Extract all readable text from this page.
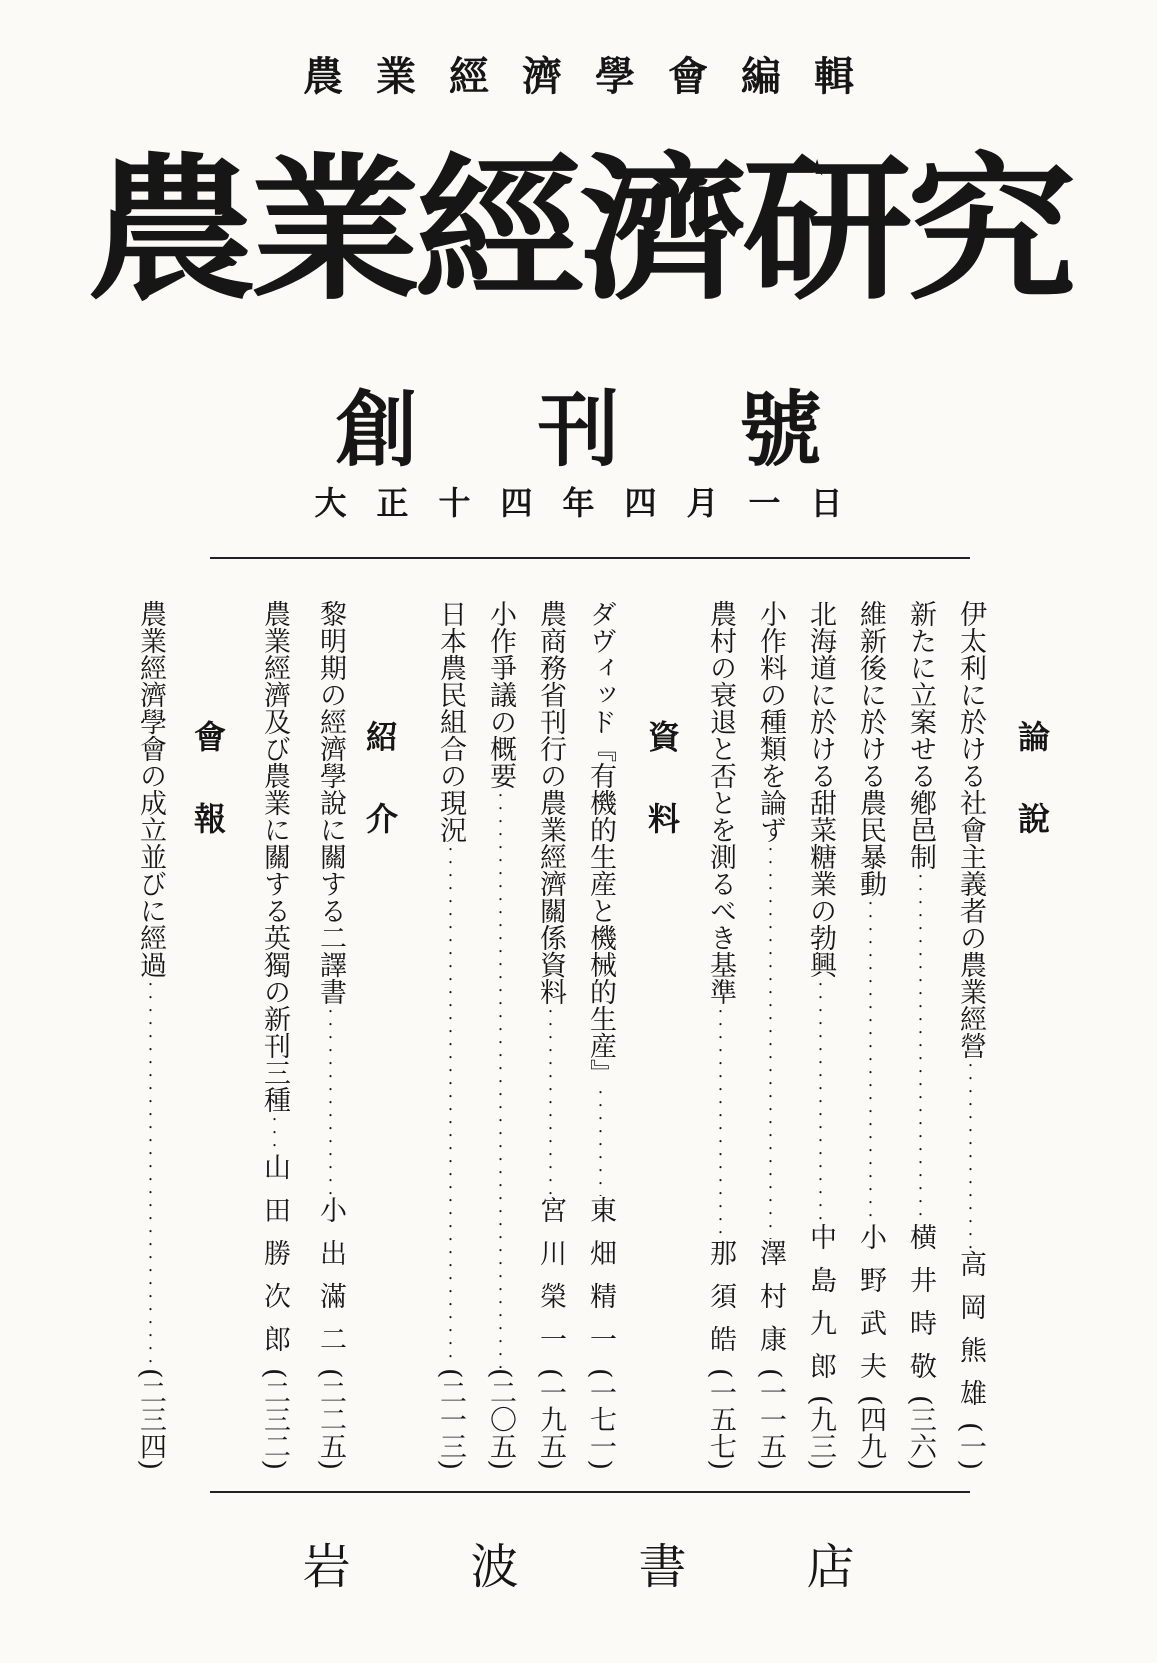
農業經濟學會編輯
農業經濟研究
創刊號
大正十四年四月一日
論說
資料
紹介
會報	伊太利に於ける社會主義者の農業經營
・・・・・・・・・・・・・・・・・・・・・・・・・・・・・・・・・・・・・・・・・・・・・・・・・・・・
高岡熊雄
(一)
新たに立案せる鄕邑制
・・・・・・・・・・・・・・・・・・・・・・・・・・・・・・・・・・・・・・・・・・・・・・・・・・・・
横井時敬
(三六)
維新後に於ける農民暴動
・・・・・・・・・・・・・・・・・・・・・・・・・・・・・・・・・・・・・・・・・・・・・・・・・・・・
小野武夫
(四九)
北海道に於ける甜菜糖業の勃興
・・・・・・・・・・・・・・・・・・・・・・・・・・・・・・・・・・・・・・・・・・・・・・・・・・・・
中島九郎
(九三)
小作料の種類を論ず
・・・・・・・・・・・・・・・・・・・・・・・・・・・・・・・・・・・・・・・・・・・・・・・・・・・・
澤村康
(一一五)
農村の衰退と否とを測るべき基準
・・・・・・・・・・・・・・・・・・・・・・・・・・・・・・・・・・・・・・・・・・・・・・・・・・・・
那須皓
(一五七)
ダヴィッド『有機的生産と機械的生産』
・・・・・・・・・・・・・・・・・・・・・・・・・・・・・・・・・・・・・・・・・・・・・・・・・・・・
東畑精一
(一七一)
農商務省刊行の農業經濟關係資料
・・・・・・・・・・・・・・・・・・・・・・・・・・・・・・・・・・・・・・・・・・・・・・・・・・・・
宮川榮一
(一九五)
小作爭議の概要
・・・・・・・・・・・・・・・・・・・・・・・・・・・・・・・・・・・・・・・・・・・・・・・・・・・・
(二〇五)
日本農民組合の現況
・・・・・・・・・・・・・・・・・・・・・・・・・・・・・・・・・・・・・・・・・・・・・・・・・・・・
(二一三)
黎明期の經濟學說に關する二譯書
・・・・・・・・・・・・・・・・・・・・・・・・・・・・・・・・・・・・・・・・・・・・・・・・・・・・
小出滿二
(二二五)
農業經濟及び農業に關する英獨の新刊三種
・・・・・・・・・・・・・・・・・・・・・・・・・・・・・・・・・・・・・・・・・・・・・・・・・・・・
山田勝次郎
(二三二)
農業經濟學會の成立並びに經過
・・・・・・・・・・・・・・・・・・・・・・・・・・・・・・・・・・・・・・・・・・・・・・・・・・・・
(二三四)
岩波書店
